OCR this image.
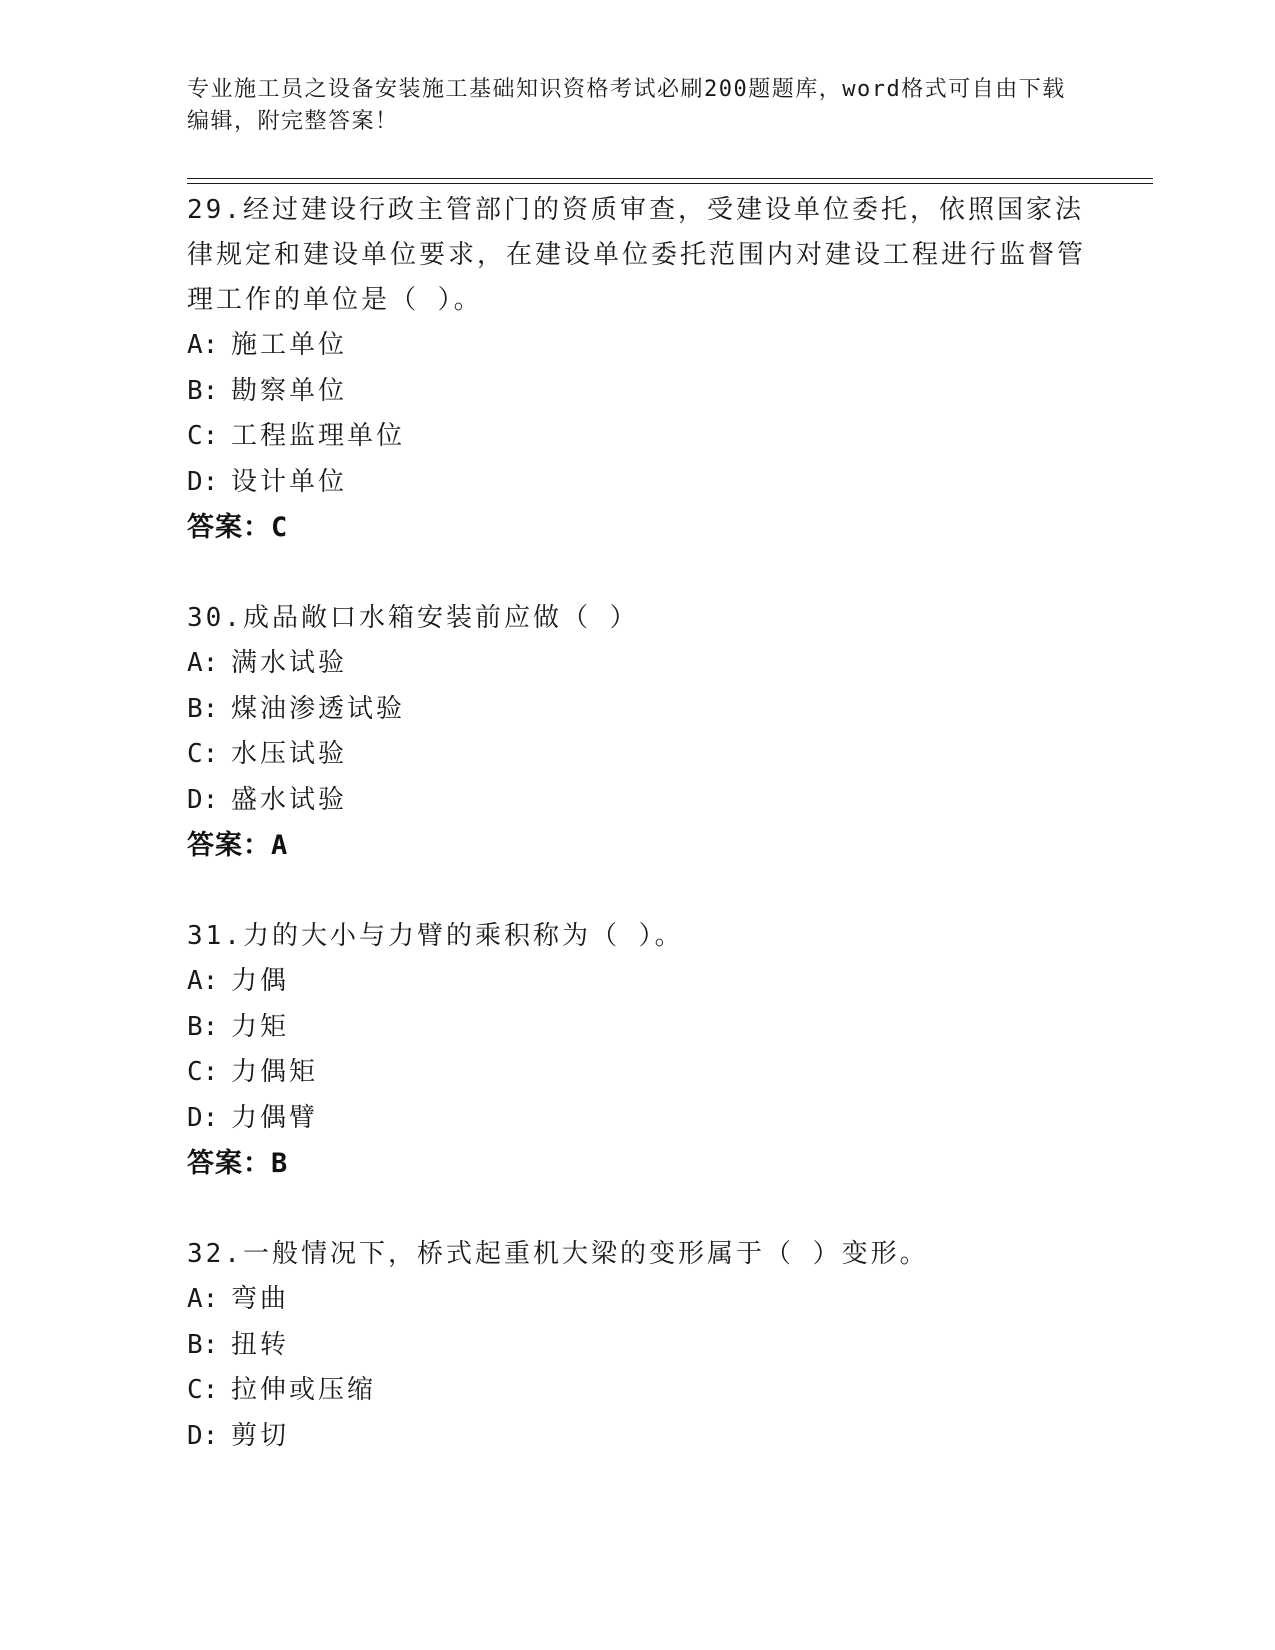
专业施工员之设备安装施工基础知识资格考试必刷200题题库，word格式可自由下载编辑，附完整答案！
29.经过建设行政主管部门的资质审查，受建设单位委托，依照国家法律规定和建设单位要求，在建设单位委托范围内对建设工程进行监督管理工作的单位是（ ）。
A: 施工单位
B: 勘察单位
C: 工程监理单位
D: 设计单位
答案：C
30.成品敞口水箱安装前应做（ ）
A: 满水试验
B: 煤油渗透试验
C: 水压试验
D: 盛水试验
答案：A
31.力的大小与力臂的乘积称为（ ）。
A: 力偶
B: 力矩
C: 力偶矩
D: 力偶臂
答案：B
32.一般情况下，桥式起重机大梁的变形属于（ ）变形。
A: 弯曲
B: 扭转
C: 拉伸或压缩
D: 剪切
